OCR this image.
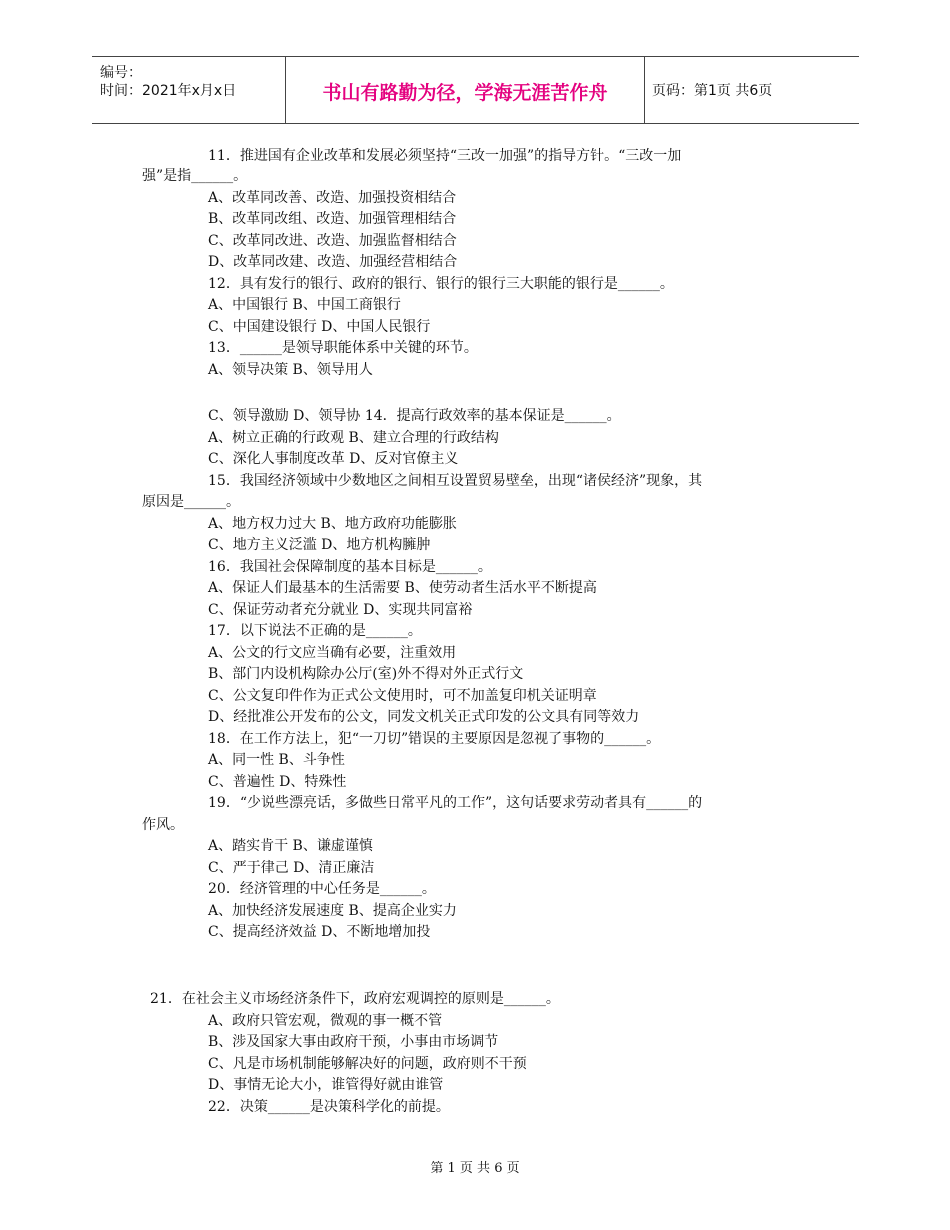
编号：
时间：2021年x月x日	书山有路勤为径，学海无涯苦作舟	页码：第1页 共6页
11．推进国有企业改革和发展必须坚持“三改一加强”的指导方针。“三改一加
强”是指______。
A、改革同改善、改造、加强投资相结合
B、改革同改组、改造、加强管理相结合
C、改革同改进、改造、加强监督相结合
D、改革同改建、改造、加强经营相结合
12．具有发行的银行、政府的银行、银行的银行三大职能的银行是______。
A、中国银行 B、中国工商银行
C、中国建设银行 D、中国人民银行
13．______是领导职能体系中关键的环节。
A、领导决策 B、领导用人
C、领导激励 D、领导协 14．提高行政效率的基本保证是______。
A、树立正确的行政观 B、建立合理的行政结构
C、深化人事制度改革 D、反对官僚主义
15．我国经济领域中少数地区之间相互设置贸易壁垒，出现“诸侯经济”现象，其
原因是______。
A、地方权力过大 B、地方政府功能膨胀
C、地方主义泛滥 D、地方机构臃肿
16．我国社会保障制度的基本目标是______。
A、保证人们最基本的生活需要 B、使劳动者生活水平不断提高
C、保证劳动者充分就业 D、实现共同富裕
17．以下说法不正确的是______。
A、公文的行文应当确有必要，注重效用
B、部门内设机构除办公厅(室)外不得对外正式行文
C、公文复印件作为正式公文使用时，可不加盖复印机关证明章
D、经批准公开发布的公文，同发文机关正式印发的公文具有同等效力
18．在工作方法上，犯“一刀切”错误的主要原因是忽视了事物的______。
A、同一性 B、斗争性
C、普遍性 D、特殊性
19．“少说些漂亮话，多做些日常平凡的工作”，这句话要求劳动者具有______的
作风。
A、踏实肯干 B、谦虚谨慎
C、严于律己 D、清正廉洁
20．经济管理的中心任务是______。
A、加快经济发展速度 B、提高企业实力
C、提高经济效益 D、不断地增加投
21．在社会主义市场经济条件下，政府宏观调控的原则是______。
A、政府只管宏观，微观的事一概不管
B、涉及国家大事由政府干预，小事由市场调节
C、凡是市场机制能够解决好的问题，政府则不干预
D、事情无论大小，谁管得好就由谁管
22．决策______是决策科学化的前提。
第 1 页 共 6 页
